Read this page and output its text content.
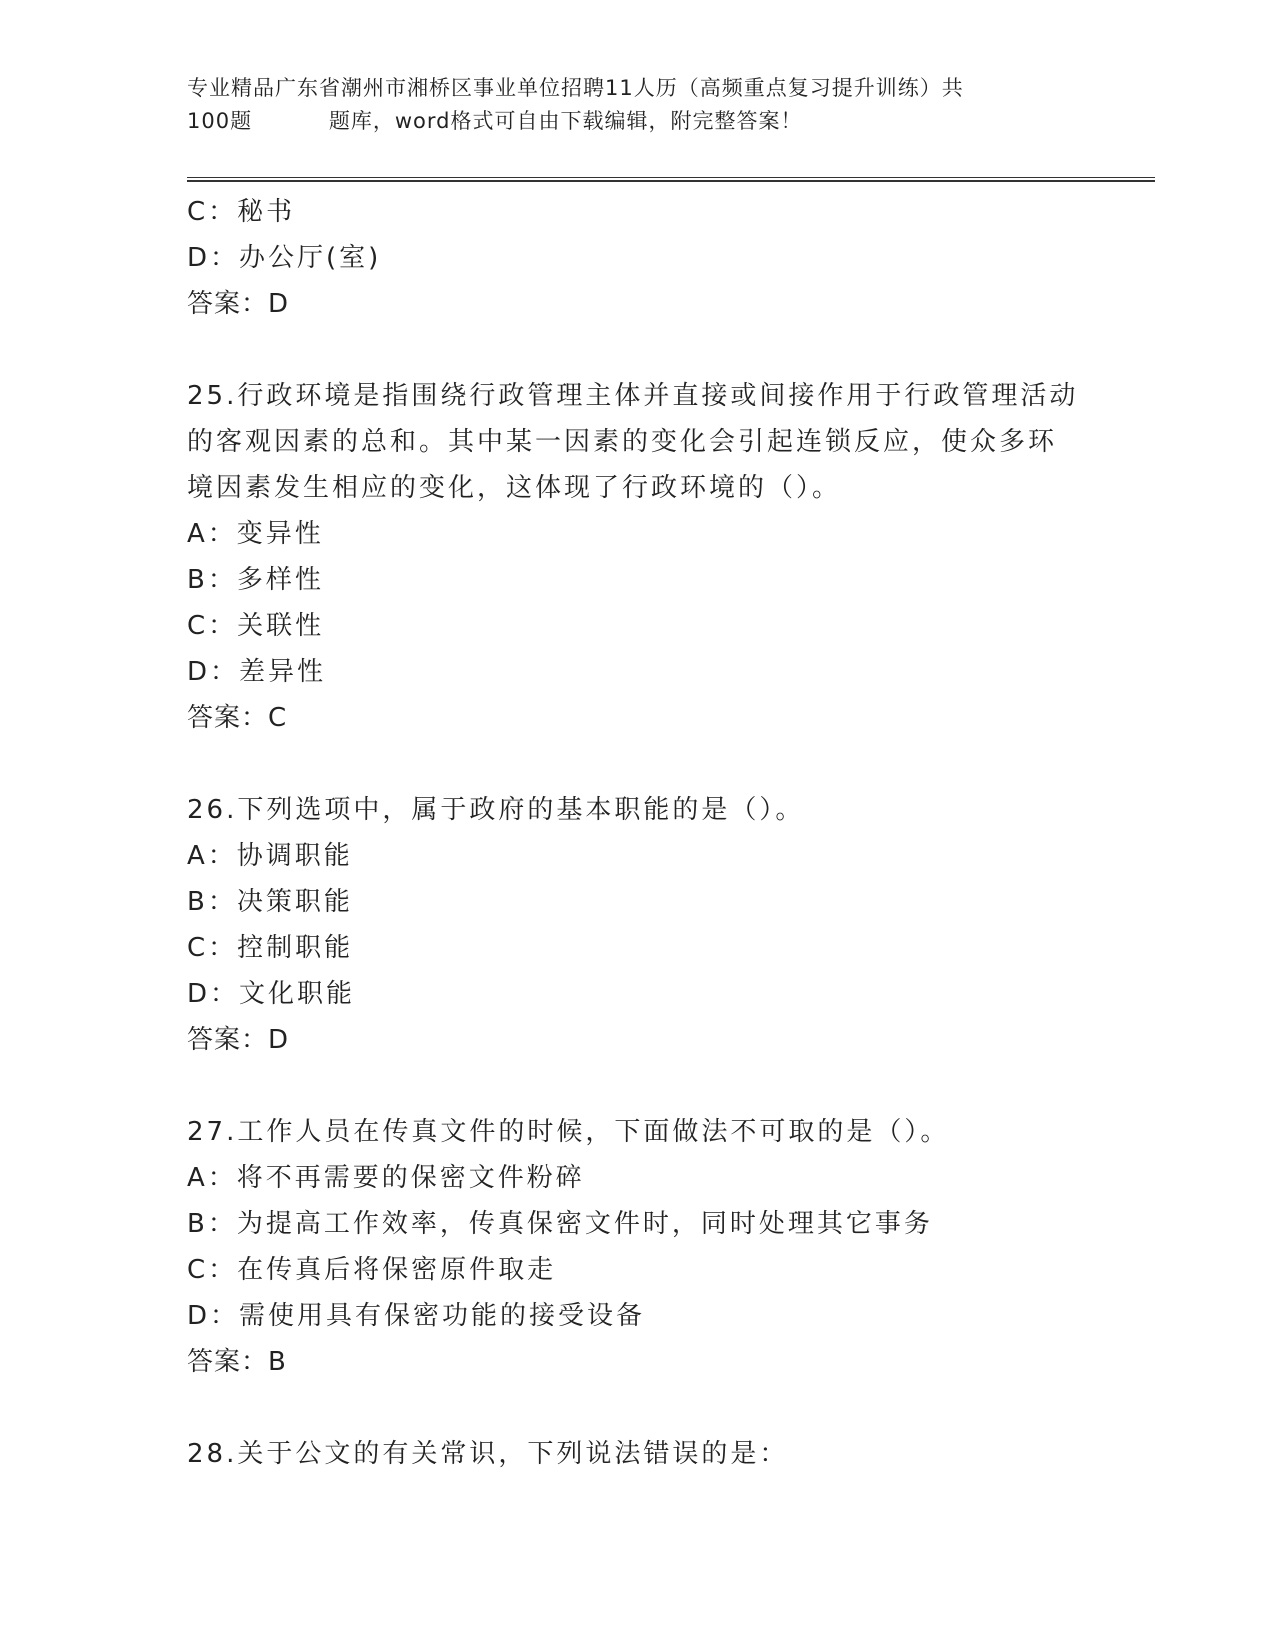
专业精品广东省潮州市湘桥区事业单位招聘11人历（高频重点复习提升训练）共
100题          题库，word格式可自由下载编辑，附完整答案！
C：秘书
D：办公厅(室)
答案：D
25.行政环境是指围绕行政管理主体并直接或间接作用于行政管理活动
的客观因素的总和。其中某一因素的变化会引起连锁反应，使众多环
境因素发生相应的变化，这体现了行政环境的（）。
A：变异性
B：多样性
C：关联性
D：差异性
答案：C
26.下列选项中，属于政府的基本职能的是（）。
A：协调职能
B：决策职能
C：控制职能
D：文化职能
答案：D
27.工作人员在传真文件的时候，下面做法不可取的是（）。
A：将不再需要的保密文件粉碎
B：为提高工作效率，传真保密文件时，同时处理其它事务
C：在传真后将保密原件取走
D：需使用具有保密功能的接受设备
答案：B
28.关于公文的有关常识，下列说法错误的是：
